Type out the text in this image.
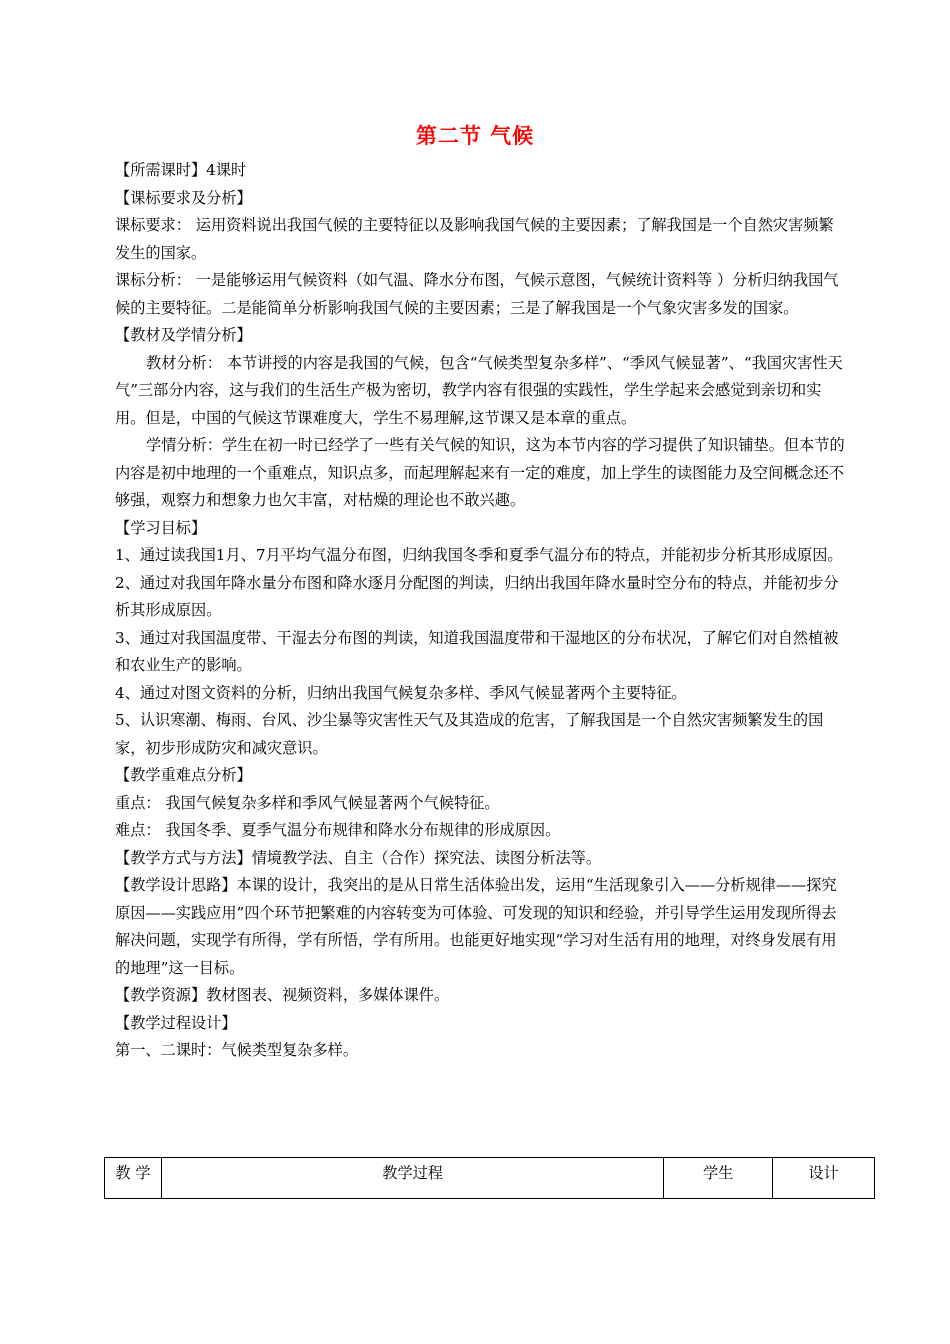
第二节 气候

【所需课时】4课时

【课标要求及分析】

课标要求： 运用资料说出我国气候的主要特征以及影响我国气候的主要因素；了解我国是一个自然灾害频繁发生的国家。

课标分析： 一是能够运用气候资料（如气温、降水分布图，气候示意图，气候统计资料等 ）分析归纳我国气候的主要特征。二是能简单分析影响我国气候的主要因素；三是了解我国是一个气象灾害多发的国家。

【教材及学情分析】

教材分析： 本节讲授的内容是我国的气候，包含“气候类型复杂多样”、“季风气候显著”、“我国灾害性天气”三部分内容，这与我们的生活生产极为密切，教学内容有很强的实践性，学生学起来会感觉到亲切和实用。但是，中国的气候这节课难度大，学生不易理解,这节课又是本章的重点。

学情分析：学生在初一时已经学了一些有关气候的知识，这为本节内容的学习提供了知识铺垫。但本节的内容是初中地理的一个重难点，知识点多，而起理解起来有一定的难度，加上学生的读图能力及空间概念还不够强，观察力和想象力也欠丰富，对枯燥的理论也不敢兴趣。

【学习目标】

1、通过读我国1月、7月平均气温分布图，归纳我国冬季和夏季气温分布的特点，并能初步分析其形成原因。

2、通过对我国年降水量分布图和降水逐月分配图的判读，归纳出我国年降水量时空分布的特点，并能初步分析其形成原因。

3、通过对我国温度带、干湿去分布图的判读，知道我国温度带和干湿地区的分布状况，了解它们对自然植被和农业生产的影响。

4、通过对图文资料的分析，归纳出我国气候复杂多样、季风气候显著两个主要特征。

5、认识寒潮、梅雨、台风、沙尘暴等灾害性天气及其造成的危害，了解我国是一个自然灾害频繁发生的国家，初步形成防灾和减灾意识。

【教学重难点分析】

重点： 我国气候复杂多样和季风气候显著两个气候特征。

难点： 我国冬季、夏季气温分布规律和降水分布规律的形成原因。

【教学方式与方法】情境教学法、自主（合作）探究法、读图分析法等。

【教学设计思路】本课的设计，我突出的是从日常生活体验出发，运用“生活现象引入——分析规律——探究原因——实践应用”四个环节把繁难的内容转变为可体验、可发现的知识和经验，并引导学生运用发现所得去解决问题，实现学有所得，学有所悟，学有所用。也能更好地实现“学习对生活有用的地理，对终身发展有用的地理”这一目标。

【教学资源】教材图表、视频资料，多媒体课件。

【教学过程设计】

第一、二课时：气候类型复杂多样。

教 学	教学过程	学生	设计
